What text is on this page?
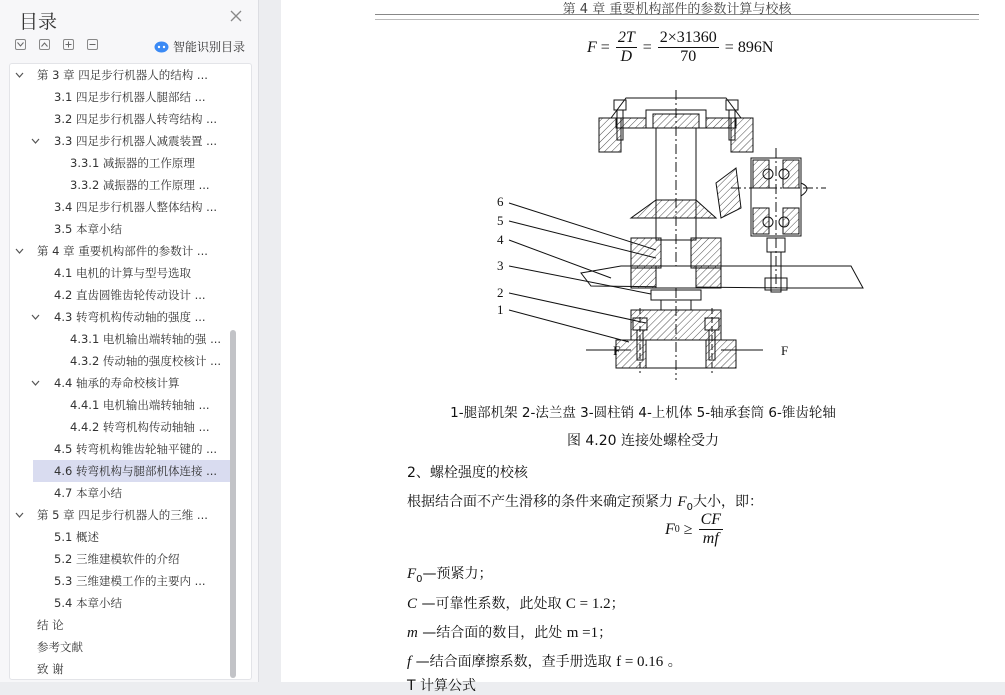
目录
智能识别目录
第 3 章 四足步行机器人的结构 ...
3.1 四足步行机器人腿部结 ...
3.2 四足步行机器人转弯结构 ...
3.3 四足步行机器人减震装置 ...
3.3.1 减振器的工作原理
3.3.2 减振器的工作原理 ...
3.4 四足步行机器人整体结构 ...
3.5 本章小结
第 4 章 重要机构部件的参数计 ...
4.1 电机的计算与型号选取
4.2 直齿圆锥齿轮传动设计 ...
4.3 转弯机构传动轴的强度 ...
4.3.1 电机输出端转轴的强 ...
4.3.2 传动轴的强度校核计 ...
4.4 轴承的寿命校核计算
4.4.1 电机输出端转轴轴 ...
4.4.2 转弯机构传动轴轴 ...
4.5 转弯机构锥齿轮轴平键的 ...
4.6 转弯机构与腿部机体连接 ...
4.7 本章小结
第 5 章 四足步行机器人的三维 ...
5.1 概述
5.2 三维建模软件的介绍
5.3 三维建模工作的主要内 ...
5.4 本章小结
结 论
参考文献
致 谢
第 4 章 重要机构部件的参数计算与校核
$F = \frac{2T}{D} = \frac{2\times 31360}{70} = 896N$
6
5
4
3
2
1
F	F
1-腿部机架 2-法兰盘 3-圆柱销 4-上机体 5-轴承套筒 6-锥齿轮轴
图 4.20 连接处螺栓受力
2、螺栓强度的校核
根据结合面不产生滑移的条件来确定预紧力 $F_0$大小，即：
F $0 \ge \frac{CF}{mf}$
$F_0—$预紧力；
C —可靠性系数，此处取 C = 1.2；
m —结合面的数目，此处 m =1；
f —结合面摩擦系数，查手册选取 f = 0.16 。
T 计算公式
